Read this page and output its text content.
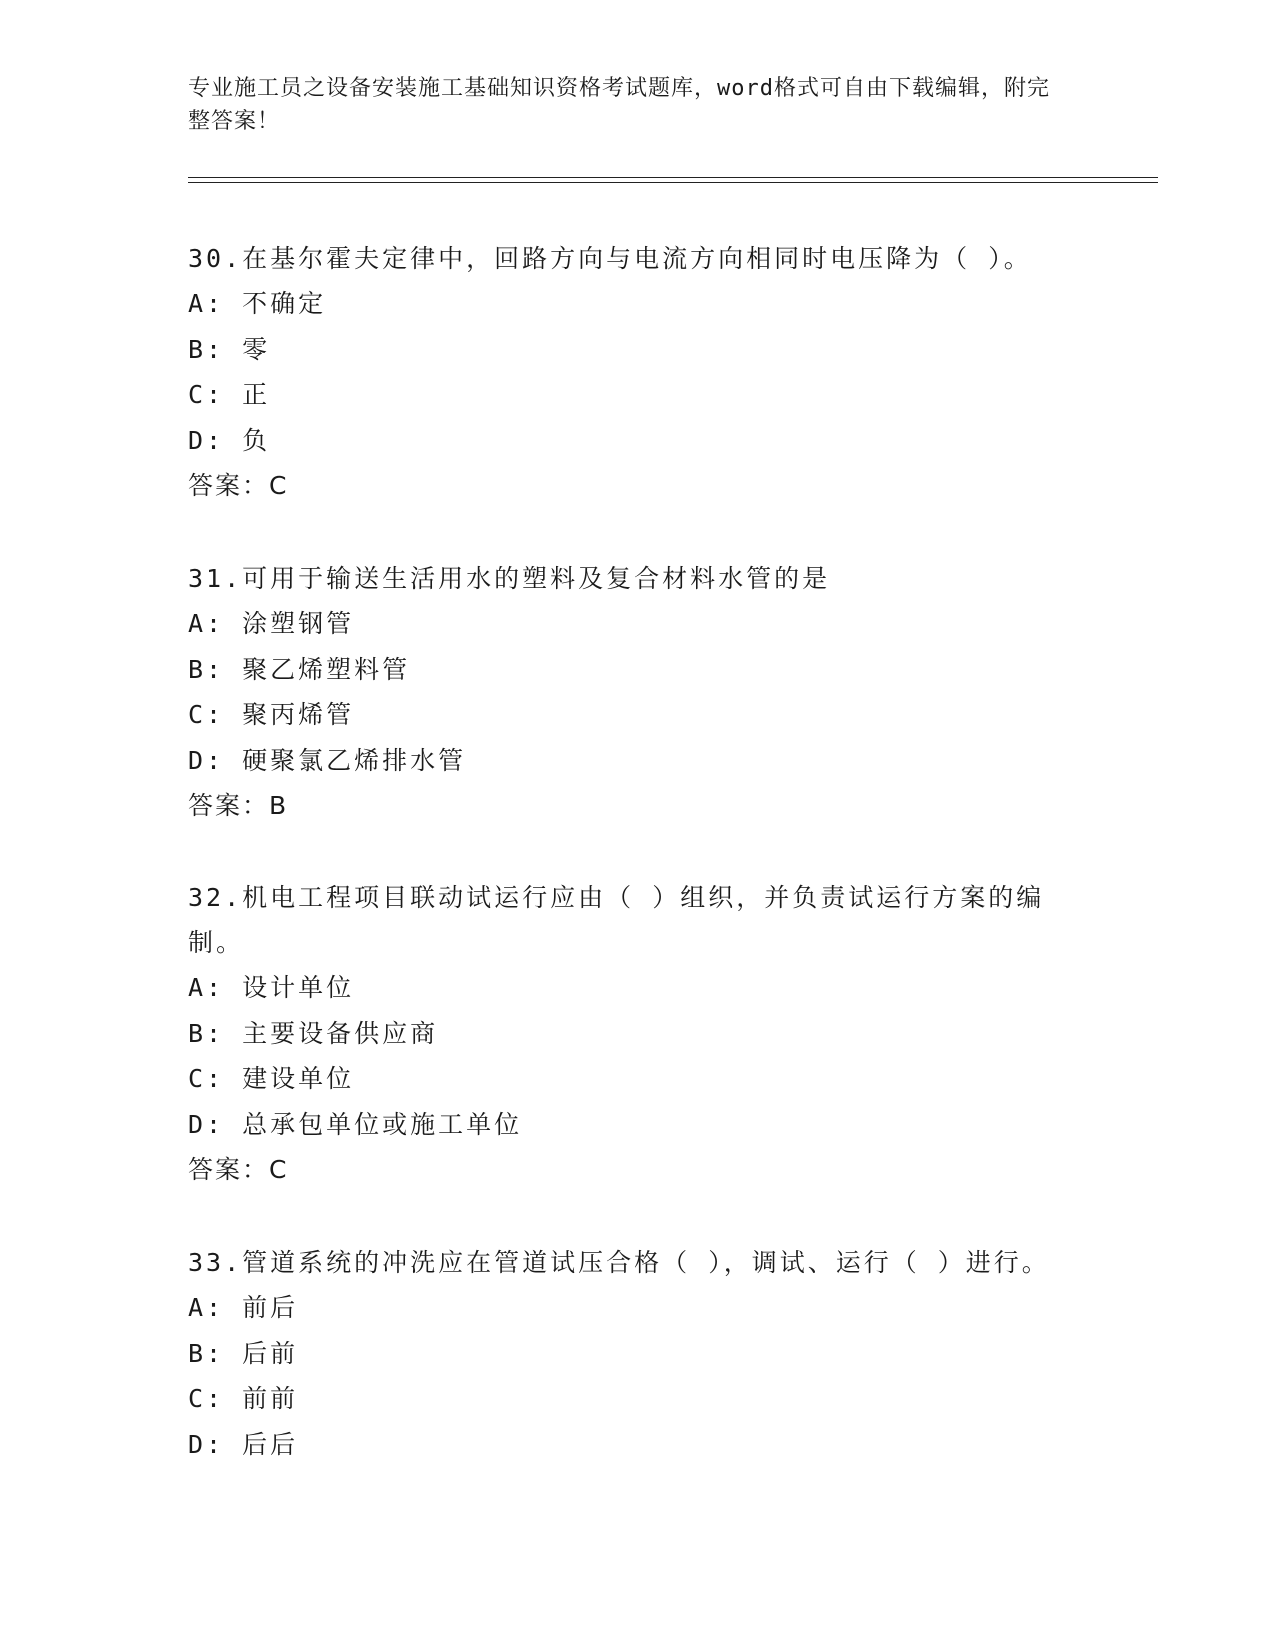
专业施工员之设备安装施工基础知识资格考试题库，word格式可自由下载编辑，附完整答案！
30.在基尔霍夫定律中，回路方向与电流方向相同时电压降为（ ）。
A: 不确定
B: 零
C: 正
D: 负
答案：C
31.可用于输送生活用水的塑料及复合材料水管的是
A: 涂塑钢管
B: 聚乙烯塑料管
C: 聚丙烯管
D: 硬聚氯乙烯排水管
答案：B
32.机电工程项目联动试运行应由（ ）组织，并负责试运行方案的编制。
A: 设计单位
B: 主要设备供应商
C: 建设单位
D: 总承包单位或施工单位
答案：C
33.管道系统的冲洗应在管道试压合格（ ），调试、运行（ ）进行。
A: 前后
B: 后前
C: 前前
D: 后后
